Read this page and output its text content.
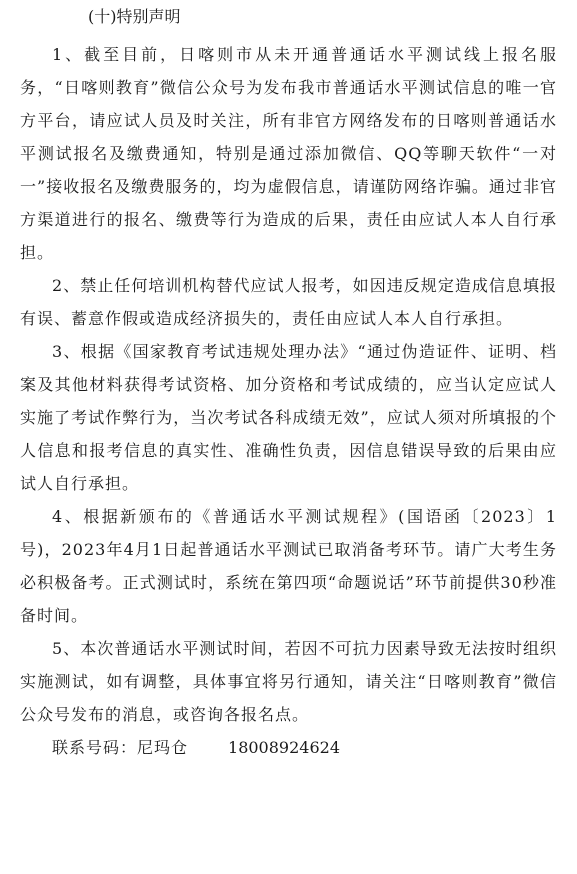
(十)特别声明

1、截至目前，日喀则市从未开通普通话水平测试线上报名服务，“日喀则教育”微信公众号为发布我市普通话水平测试信息的唯一官方平台，请应试人员及时关注，所有非官方网络发布的日喀则普通话水平测试报名及缴费通知，特别是通过添加微信、QQ等聊天软件“一对一”接收报名及缴费服务的，均为虚假信息，请谨防网络诈骗。通过非官方渠道进行的报名、缴费等行为造成的后果，责任由应试人本人自行承担。

2、禁止任何培训机构替代应试人报考，如因违反规定造成信息填报有误、蓄意作假或造成经济损失的，责任由应试人本人自行承担。

3、根据《国家教育考试违规处理办法》“通过伪造证件、证明、档案及其他材料获得考试资格、加分资格和考试成绩的，应当认定应试人实施了考试作弊行为，当次考试各科成绩无效”，应试人须对所填报的个人信息和报考信息的真实性、准确性负责，因信息错误导致的后果由应试人自行承担。

4、根据新颁布的《普通话水平测试规程》(国语函〔2023〕1号)，2023年4月1日起普通话水平测试已取消备考环节。请广大考生务必积极备考。正式测试时，系统在第四项“命题说话”环节前提供30秒准备时间。

5、本次普通话水平测试时间，若因不可抗力因素导致无法按时组织实施测试，如有调整，具体事宜将另行通知，请关注“日喀则教育”微信公众号发布的消息，或咨询各报名点。

联系号码：尼玛仓	18008924624
